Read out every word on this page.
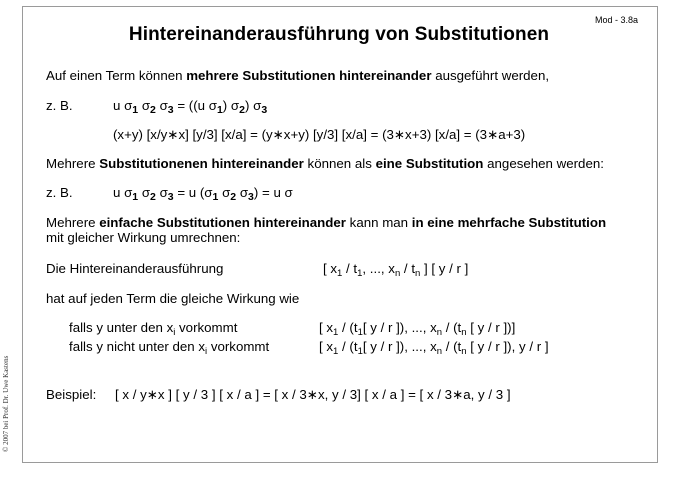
Mod - 3.8a
Hintereinanderausführung von Substitutionen
Auf einen Term können mehrere Substitutionen hintereinander ausgeführt werden,
z. B.	u $\sigma_1$ $\sigma_2$ $\sigma_3 = ((u$ $\sigma_1$) $\sigma_2$) $\sigma_3$
(x+y) [x/y∗x] [y/3] [x/a] = (y∗x+y) [y/3] [x/a] = (3∗x+3) [x/a] = (3∗a+3)
Mehrere Substitutionenen hintereinander können als eine Substitution angesehen werden:
z. B.	u $\sigma_1$ $\sigma_2$ $\sigma_3 = u$ ($\sigma_1$ $\sigma_2$ $\sigma_3) = u$ σ
Mehrere einfache Substitutionen hintereinander kann man in eine mehrfache Substitution
mit gleicher Wirkung umrechnen:
Die Hintereinanderausführung	[ $x_1 / t_1$, ..., $x_n / t_n$ ] [ y / r ]
hat auf jeden Term die gleiche Wirkung wie
falls y unter den $x_i$ vorkommt	[ $x_1 / (t_1$[ y / r ]), ..., $x_n / (t_n$ [ y / r ])]
falls y nicht unter den $x_i$ vorkommt	[ $x_1 / (t_1$[ y / r ]), ..., $x_n / (t_n$ [ y / r ]), y / r ]
Beispiel: [ x / y∗x ] [ y / 3 ] [ x / a ] = [ x / 3∗x, y / 3] [ x / a ] = [ x / 3∗a, y / 3 ]
© 2007 bei Prof. Dr. Uwe Kastens
